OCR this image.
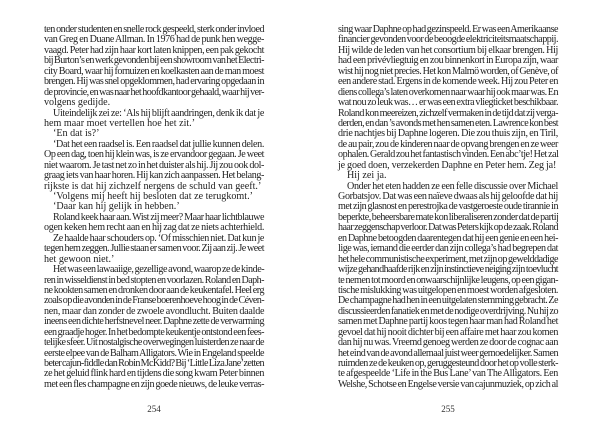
ten onder studenten en snelle rock gespeeld, sterk onder invloed
van Greg en Duane Allman. In 1976 had de punk hen wegge-
vaagd. Peter had zijn haar kort laten knippen, een pak gekocht
bij Burton’s en werk gevonden bij een showroom van het Electri-
city Board, waar hij fornuizen en koelkasten aan de man moest
brengen. Hij was snel opgeklommen, had ervaring opgedaan in
de provincie, en was naar het hoofdkantoor gehaald, waar hij ver-
volgens gedijde.
Uiteindelijk zei ze: ‘Als hij blijft aandringen, denk ik dat je
hem maar moet vertellen hoe het zit.’
‘En dat is?’
‘Dat het een raadsel is. Een raadsel dat jullie kunnen delen.
Op een dag, toen hij klein was, is ze ervandoor gegaan. Je weet
niet waarom. Je tast net zo in het duister als hij. Jij zou ook dol-
graag iets van haar horen. Hij kan zich aanpassen. Het belang-
rijkste is dat hij zichzelf nergens de schuld van geeft.’
‘Volgens mij heeft hij besloten dat ze terugkomt.’
‘Daar kan hij gelijk in hebben.’
Roland keek haar aan. Wist zij meer? Maar haar lichtblauwe
ogen keken hem recht aan en hij zag dat ze niets achterhield.
Ze haalde haar schouders op. ‘Of misschien niet. Dat kun je
tegen hem zeggen. Jullie staan er samen voor. Zij aan zij. Je weet
het gewoon niet.’
Het was een lawaaiige, gezellige avond, waarop ze de kinde-
ren in wisseldienst in bed stopten en voorlazen. Roland en Daph-
ne kookten samen en dronken door aan de keukentafel. Heel erg
zoals op die avonden in de Franse boerenhoeve hoog in de Céven-
nen, maar dan zonder de zwoele avondlucht. Buiten daalde
ineens een dichte herfstnevel neer. Daphne zette de verwarming
een graadje hoger. In het bedompte keukentje ontstond een fees-
telijke sfeer. Uit nostalgische overwegingen luisterden ze naar de
eerste elpee van de Balham Alligators. Wie in Engeland speelde
beter cajun-fiddle dan Robin McKidd? Bij ‘Little Liza Jane’ zetten
ze het geluid flink hard en tijdens die song kwam Peter binnen
met een fles champagne en zijn goede nieuws, de leuke verras-
254
sing waar Daphne op had gezinspeeld. Er was een Amerikaanse
financier gevonden voor de beoogde elektriciteitsmaatschappij.
Hij wilde de leden van het consortium bij elkaar brengen. Hij
had een privévliegtuig en zou binnenkort in Europa zijn, waar
wist hij nog niet precies. Het kon Malmö worden, of Genève, of
een andere stad. Ergens in de komende week. Hij zou Peter en
diens collega’s laten overkomen naar waar hij ook maar was. En
wat nou zo leuk was… er was een extra vliegticket beschikbaar.
Roland kon meereizen, zichzelf vermaken in de tijd dat zij verga-
derden, en dan ’s avonds met hen samen eten. Lawrence kon best
drie nachtjes bij Daphne logeren. Die zou thuis zijn, en Tiril,
de au pair, zou de kinderen naar de opvang brengen en ze weer
ophalen. Gerald zou het fantastisch vinden. Een abc’tje! Het zal
je goed doen, verzekerden Daphne en Peter hem. Zeg ja!
Hij zei ja.
Onder het eten hadden ze een felle discussie over Michael
Gorbatsjov. Dat was een naïeve dwaas als hij geloofde dat hij
met zijn glasnost en perestrojka de vastgeroeste oude tirannie in
beperkte, beheersbare mate kon liberaliseren zonder dat de partij
haar zeggenschap verloor. Dat was Peters kijk op de zaak. Roland
en Daphne betoogden daarentegen dat hij een genie en een hei-
lige was, iemand die eerder dan zijn collega’s had begrepen dat
het hele communistische experiment, met zijn op gewelddadige
wijze gehandhaafde rijk en zijn instinctieve neiging zijn toevlucht
te nemen tot moord en onwaarschijnlijke leugens, op een gigan-
tische mislukking was uitgelopen en moest worden afgesloten.
De champagne had hen in een uitgelaten stemming gebracht. Ze
discussieerden fanatiek en met de nodige overdrijving. Nu hij zo
samen met Daphne partij koos tegen haar man had Roland het
gevoel dat hij nooit dichter bij een affaire met haar zou komen
dan hij nu was. Vreemd genoeg werden ze door de cognac aan
het eind van de avond allemaal juist weer gemoedelijker. Samen
ruimden ze de keuken op, geruggesteund door het op volle sterk-
te afgespeelde ‘Life in the Bus Lane’ van The Alligators. Een
Welshe, Schotse en Engelse versie van cajunmuziek, op zich al
255
